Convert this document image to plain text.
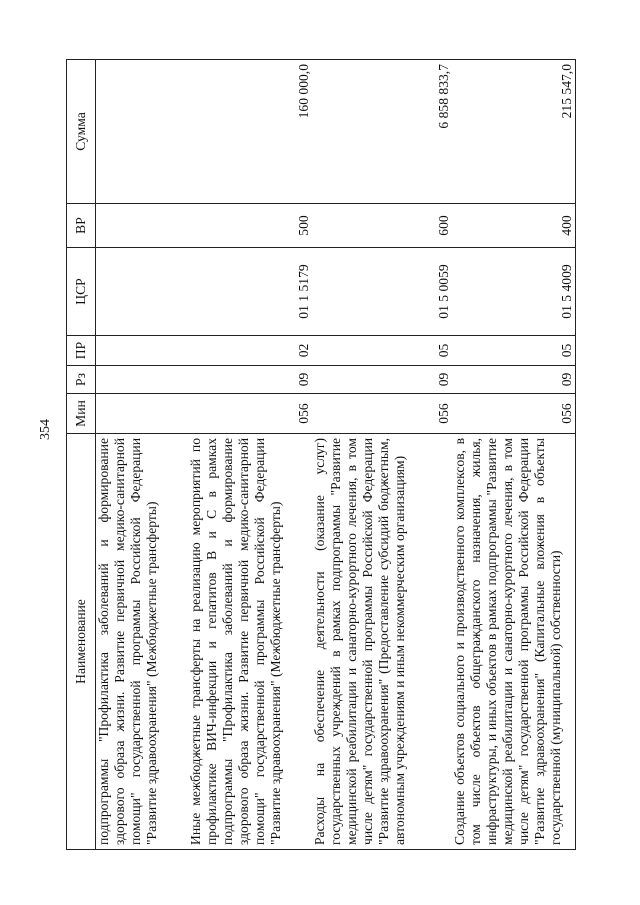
354
Наименование	Мин	Рз	ПР	ЦСР	ВР	Сумма
подпрограммы "Профилактика заболеваний и формирование здорового образа жизни. Развитие первичной медико-санитарной помощи" государственной программы Российской Федерации "Развитие здравоохранения" (Межбюджетные трансферты)						
Иные межбюджетные трансферты на реализацию мероприятий по профилактике ВИЧ-инфекции и гепатитов В и С в рамках подпрограммы "Профилактика заболеваний и формирование здорового образа жизни. Развитие первичной медико-санитарной помощи" государственной программы Российской Федерации "Развитие здравоохранения" (Межбюджетные трансферты)	056	09	02	01 1 5179	500	160 000,0
Расходы на обеспечение деятельности (оказание услуг) государственных учреждений в рамках подпрограммы "Развитие медицинской реабилитации и санаторно-курортного лечения, в том числе детям" государственной программы Российской Федерации "Развитие здравоохранения" (Предоставление субсидий бюджетным, автономным учреждениям и иным некоммерческим организациям)	056	09	05	01 5 0059	600	6 858 833,7
Создание объектов социального и производственного комплексов, в том числе объектов общегражданского назначения, жилья, инфраструктуры, и иных объектов в рамках подпрограммы "Развитие медицинской реабилитации и санаторно-курортного лечения, в том числе детям" государственной программы Российской Федерации "Развитие здравоохранения" (Капитальные вложения в объекты государственной (муниципальной) собственности)	056	09	05	01 5 4009	400	215 547,0
